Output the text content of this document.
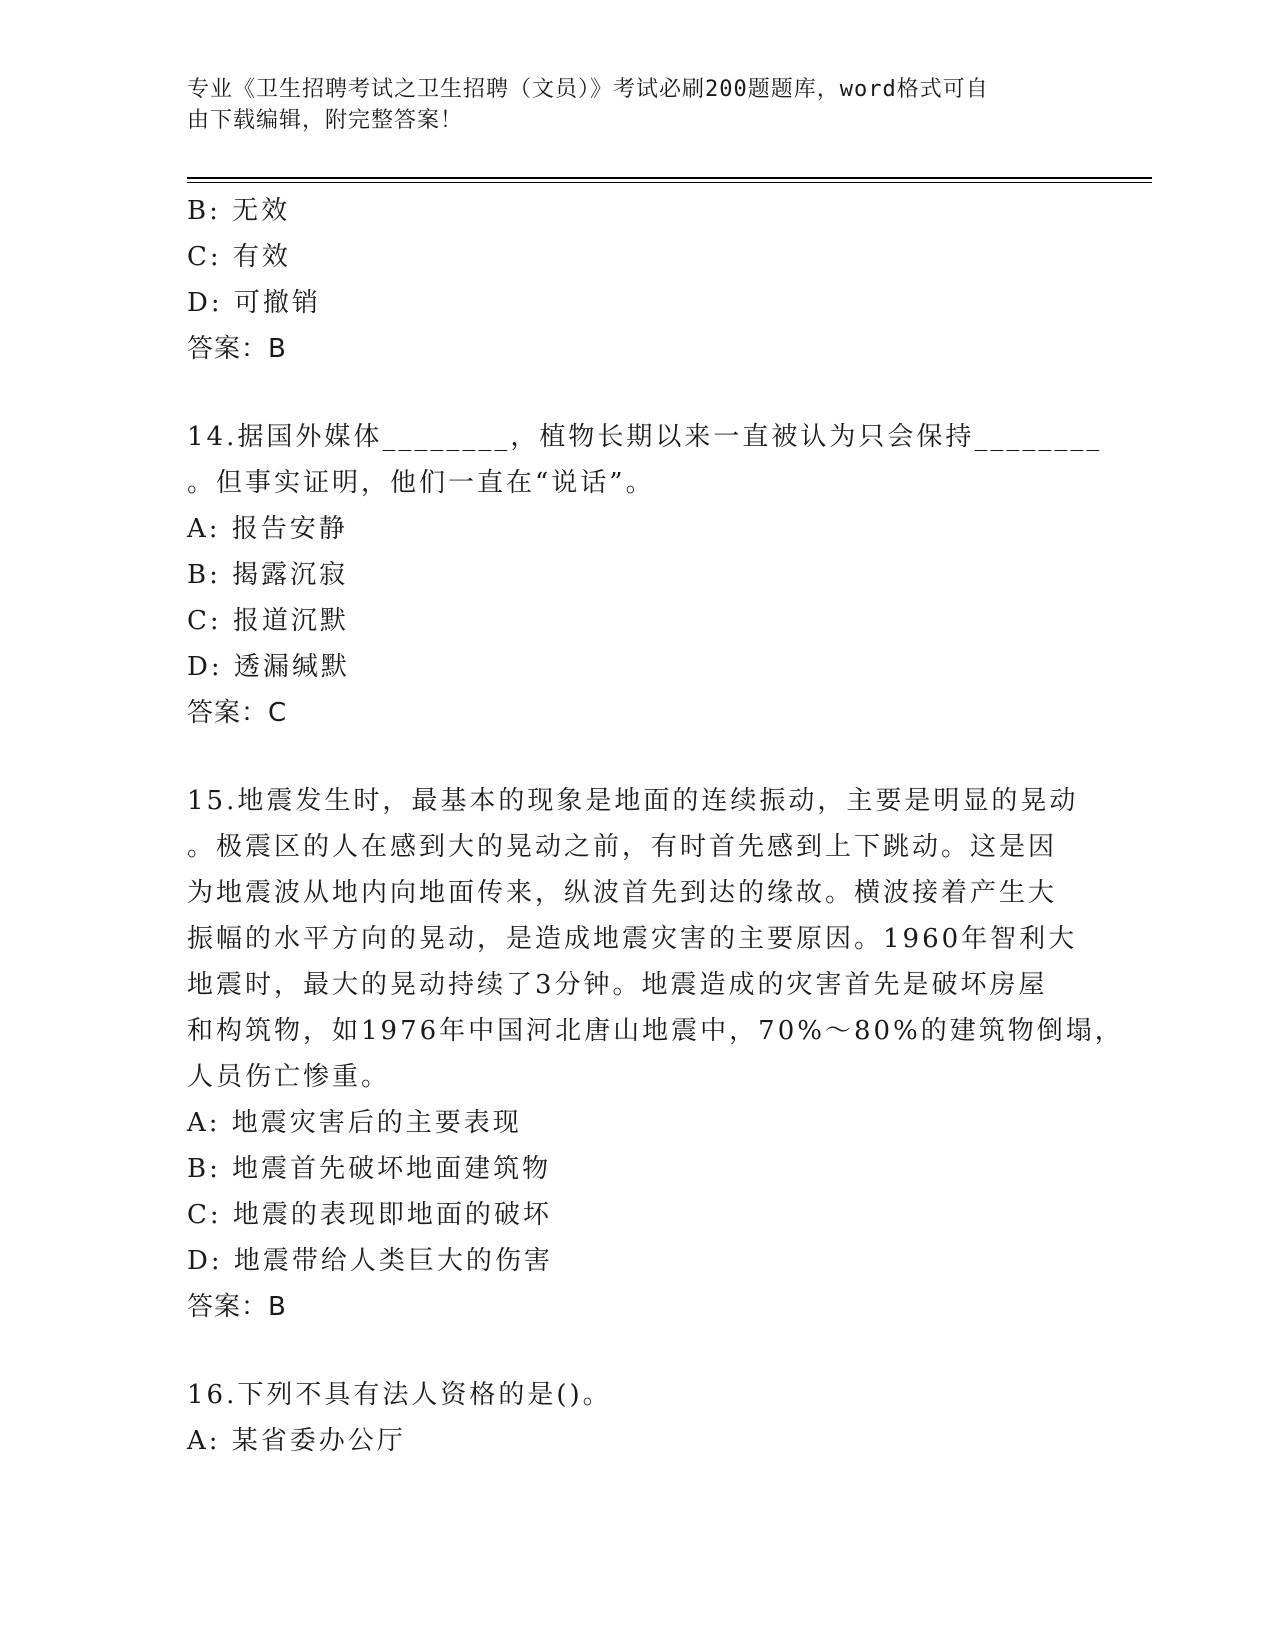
专业《卫生招聘考试之卫生招聘（文员）》考试必刷200题题库，word格式可自
由下载编辑，附完整答案！
B: 无效
C: 有效
D: 可撤销
答案：B
14.据国外媒体________，植物长期以来一直被认为只会保持________
。但事实证明，他们一直在“说话”。
A: 报告安静
B: 揭露沉寂
C: 报道沉默
D: 透漏缄默
答案：C
15.地震发生时，最基本的现象是地面的连续振动，主要是明显的晃动
。极震区的人在感到大的晃动之前，有时首先感到上下跳动。这是因
为地震波从地内向地面传来，纵波首先到达的缘故。横波接着产生大
振幅的水平方向的晃动，是造成地震灾害的主要原因。1960年智利大
地震时，最大的晃动持续了3分钟。地震造成的灾害首先是破坏房屋
和构筑物，如1976年中国河北唐山地震中，70%～80%的建筑物倒塌，
人员伤亡惨重。
A: 地震灾害后的主要表现
B: 地震首先破坏地面建筑物
C: 地震的表现即地面的破坏
D: 地震带给人类巨大的伤害
答案：B
16.下列不具有法人资格的是()。
A: 某省委办公厅
